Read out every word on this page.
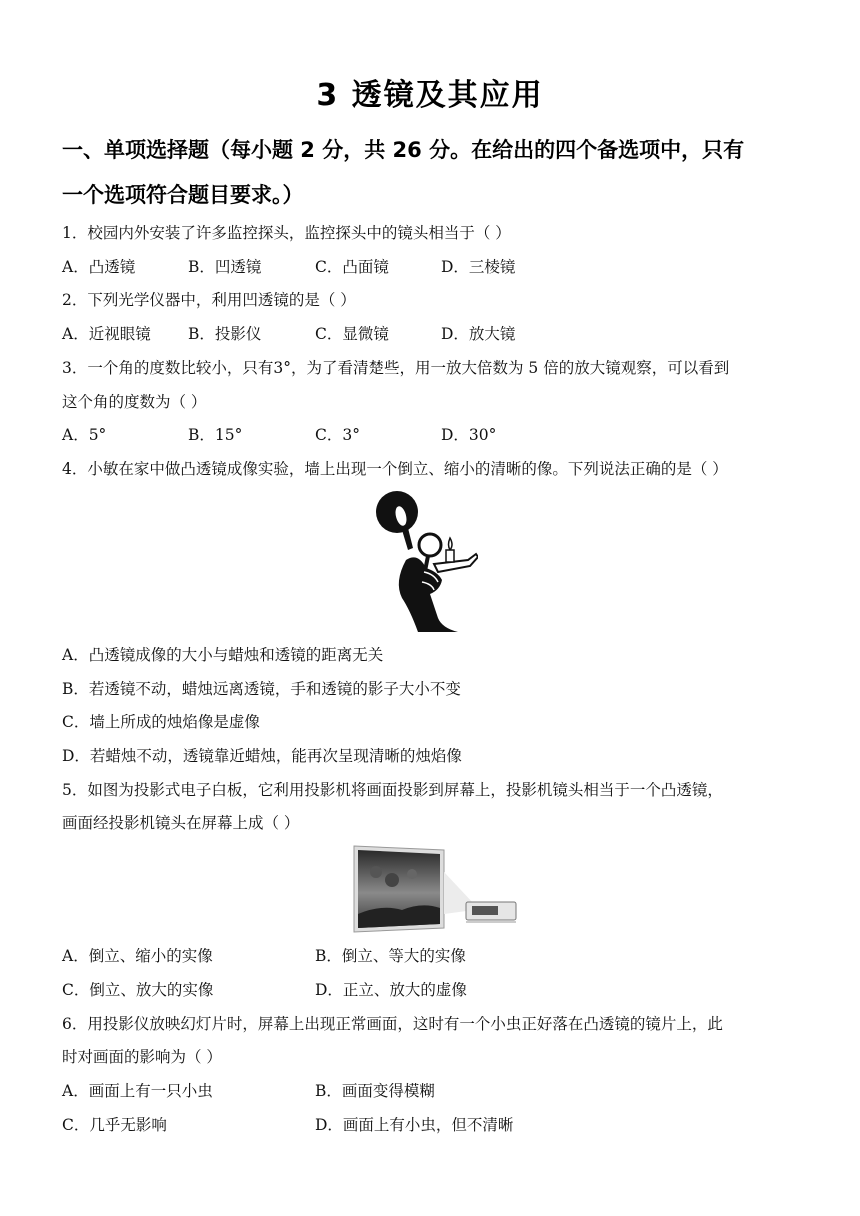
3 透镜及其应用
一、单项选择题（每小题 2 分，共 26 分。在给出的四个备选项中，只有
一个选项符合题目要求。）
1．校园内外安装了许多监控探头，监控探头中的镜头相当于（ ）
A．凸透镜	B．凹透镜	C．凸面镜	D．三棱镜
2．下列光学仪器中，利用凹透镜的是（ ）
A．近视眼镜 B．投影仪	C．显微镜	D．放大镜
3．一个角的度数比较小，只有3°，为了看清楚些，用一放大倍数为 5 倍的放大镜观察，可以看到
这个角的度数为（ ）
A．5°	B．15°	C．3°	D．30°
4．小敏在家中做凸透镜成像实验，墙上出现一个倒立、缩小的清晰的像。下列说法正确的是（ ）
A．凸透镜成像的大小与蜡烛和透镜的距离无关
B．若透镜不动，蜡烛远离透镜，手和透镜的影子大小不变
C．墙上所成的烛焰像是虚像
D．若蜡烛不动，透镜靠近蜡烛，能再次呈现清晰的烛焰像
5．如图为投影式电子白板，它利用投影机将画面投影到屏幕上，投影机镜头相当于一个凸透镜，
画面经投影机镜头在屏幕上成（ ）
A．倒立、缩小的实像	B．倒立、等大的实像
C．倒立、放大的实像	D．正立、放大的虚像
6．用投影仪放映幻灯片时，屏幕上出现正常画面，这时有一个小虫正好落在凸透镜的镜片上，此
时对画面的影响为（ ）
A．画面上有一只小虫	B．画面变得模糊
C．几乎无影响	D．画面上有小虫，但不清晰
